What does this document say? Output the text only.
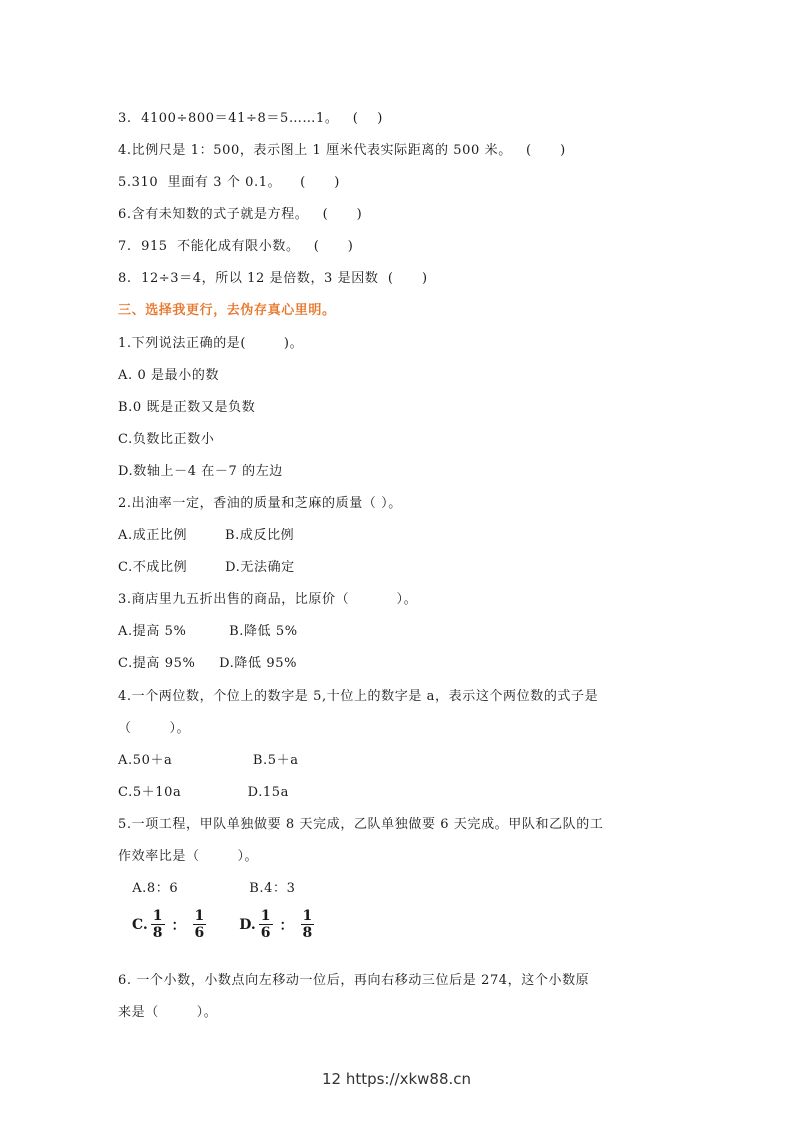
3.  4100÷800＝41÷8＝5……1。   (    )
4.比例尺是 1：500，表示图上 1 厘米代表实际距离的 500 米。   (      )
5.310  里面有 3 个 0.1。    (      )
6.含有未知数的式子就是方程。   (      )
7.  915  不能化成有限小数。   (      )
8.  12÷3＝4，所以 12 是倍数，3 是因数  (      )
三、选择我更行，去伪存真心里明。
1.下列说法正确的是(        )。
A. 0 是最小的数
B.0 既是正数又是负数
C.负数比正数小
D.数轴上－4 在－7 的左边
2.出油率一定，香油的质量和芝麻的质量（ ）。
A.成正比例        B.成反比例
C.不成比例        D.无法确定
3.商店里九五折出售的商品，比原价（          ）。
A.提高 5%         B.降低 5%
C.提高 95%     D.降低 95%
4.一个两位数，个位上的数字是 5,十位上的数字是 a，表示这个两位数的式子是
（        ）。
A.50＋a                 B.5＋a
C.5＋10a              D.15a
5.一项工程，甲队单独做要 8 天完成，乙队单独做要 6 天完成。甲队和乙队的工
作效率比是（        ）。
A.8：6               B.4：3
C. $\frac{1}{8}$ ： $\frac{1}{6} D$. $\frac{1}{6}$ ： $\frac{1}{8}$
6. 一个小数，小数点向左移动一位后，再向右移动三位后是 274，这个小数原
来是（        ）。
12 https://xkw88.cn
